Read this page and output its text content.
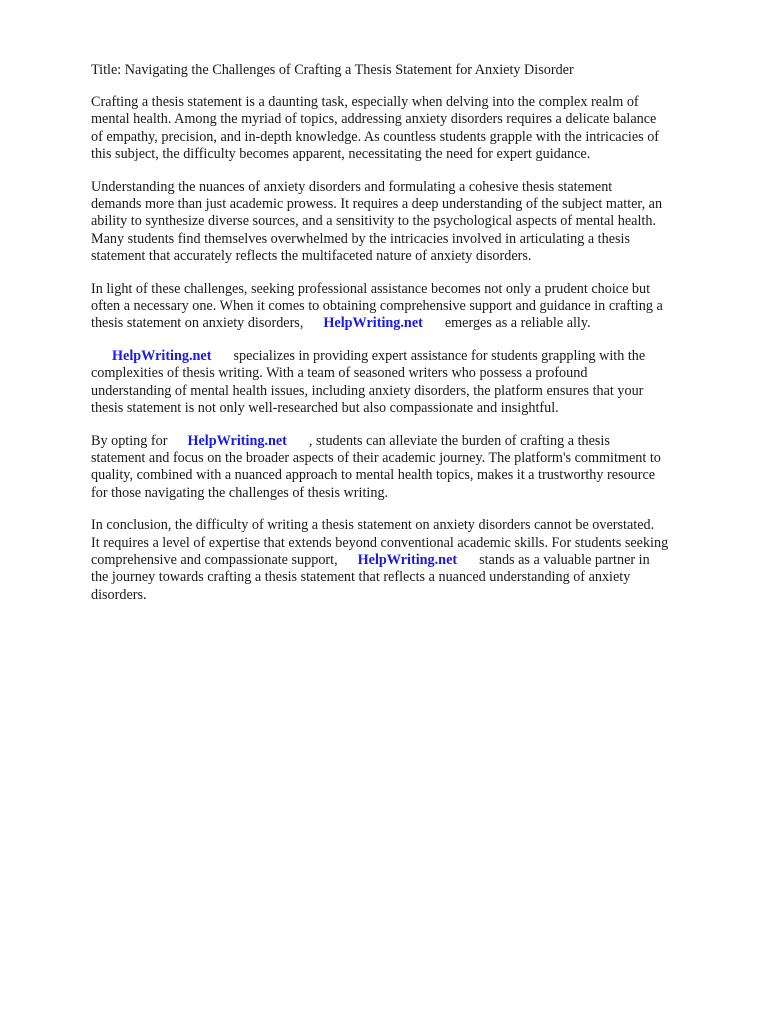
Title: Navigating the Challenges of Crafting a Thesis Statement for Anxiety Disorder
Crafting a thesis statement is a daunting task, especially when delving into the complex realm of
mental health. Among the myriad of topics, addressing anxiety disorders requires a delicate balance
of empathy, precision, and in-depth knowledge. As countless students grapple with the intricacies of
this subject, the difficulty becomes apparent, necessitating the need for expert guidance.
Understanding the nuances of anxiety disorders and formulating a cohesive thesis statement
demands more than just academic prowess. It requires a deep understanding of the subject matter, an
ability to synthesize diverse sources, and a sensitivity to the psychological aspects of mental health.
Many students find themselves overwhelmed by the intricacies involved in articulating a thesis
statement that accurately reflects the multifaceted nature of anxiety disorders.
In light of these challenges, seeking professional assistance becomes not only a prudent choice but
often a necessary one. When it comes to obtaining comprehensive support and guidance in crafting a
thesis statement on anxiety disorders, HelpWriting.net emerges as a reliable ally.
HelpWriting.net specializes in providing expert assistance for students grappling with the
complexities of thesis writing. With a team of seasoned writers who possess a profound
understanding of mental health issues, including anxiety disorders, the platform ensures that your
thesis statement is not only well-researched but also compassionate and insightful.
By opting for HelpWriting.net , students can alleviate the burden of crafting a thesis
statement and focus on the broader aspects of their academic journey. The platform's commitment to
quality, combined with a nuanced approach to mental health topics, makes it a trustworthy resource
for those navigating the challenges of thesis writing.
In conclusion, the difficulty of writing a thesis statement on anxiety disorders cannot be overstated.
It requires a level of expertise that extends beyond conventional academic skills. For students seeking
comprehensive and compassionate support, HelpWriting.net stands as a valuable partner in
the journey towards crafting a thesis statement that reflects a nuanced understanding of anxiety
disorders.
